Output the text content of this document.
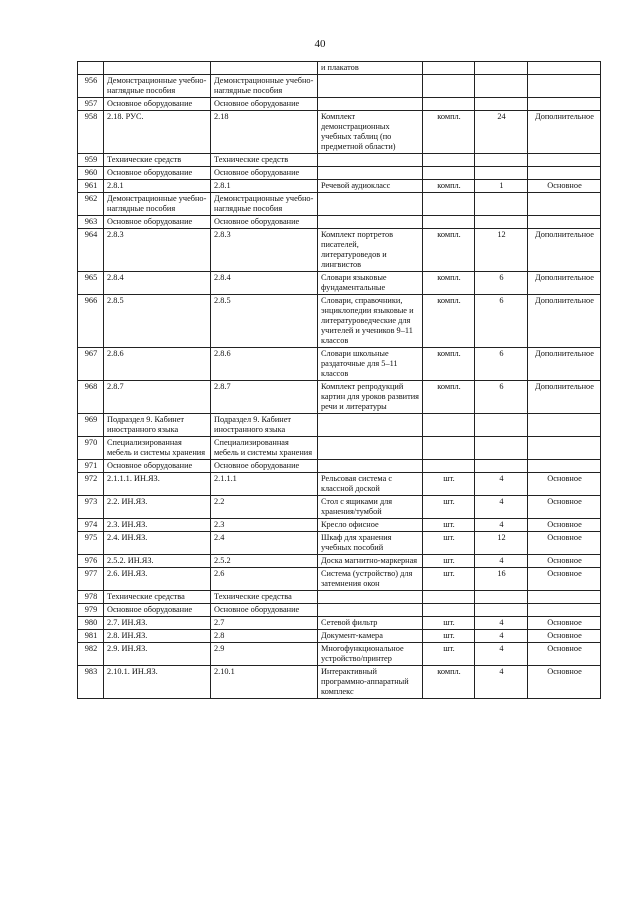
40
			и плакатов			
956	Демонстрационные учебно-наглядные пособия	Демонстрационные учебно-наглядные пособия				
957	Основное оборудование	Основное оборудование				
958	2.18. РУС.	2.18	Комплект демонстрационных учебных таблиц (по предметной области)	компл.	24	Дополнительное
959	Технические средств	Технические средств				
960	Основное оборудование	Основное оборудование				
961	2.8.1	2.8.1	Речевой аудиокласс	компл.	1	Основное
962	Демонстрационные учебно-наглядные пособия	Демонстрационные учебно-наглядные пособия				
963	Основное оборудование	Основное оборудование				
964	2.8.3	2.8.3	Комплект портретов писателей, литературоведов и лингвистов	компл.	12	Дополнительное
965	2.8.4	2.8.4	Словари языковые фундаментальные	компл.	6	Дополнительное
966	2.8.5	2.8.5	Словари, справочники, энциклопедии языковые и литературоведческие для учителей и учеников 9–11 классов	компл.	6	Дополнительное
967	2.8.6	2.8.6	Словари школьные раздаточные для 5–11 классов	компл.	6	Дополнительное
968	2.8.7	2.8.7	Комплект репродукций картин для уроков развития речи и литературы	компл.	6	Дополнительное
969	Подраздел 9. Кабинет иностранного языка	Подраздел 9. Кабинет иностранного языка				
970	Специализированная мебель и системы хранения	Специализированная мебель и системы хранения				
971	Основное оборудование	Основное оборудование				
972	2.1.1.1. ИН.ЯЗ.	2.1.1.1	Рельсовая система с классной доской	шт.	4	Основное
973	2.2. ИН.ЯЗ.	2.2	Стол с ящиками для хранения/тумбой	шт.	4	Основное
974	2.3. ИН.ЯЗ.	2.3	Кресло офисное	шт.	4	Основное
975	2.4. ИН.ЯЗ.	2.4	Шкаф для хранения учебных пособий	шт.	12	Основное
976	2.5.2. ИН.ЯЗ.	2.5.2	Доска магнитно-маркерная	шт.	4	Основное
977	2.6. ИН.ЯЗ.	2.6	Система (устройство) для затемнения окон	шт.	16	Основное
978	Технические средства	Технические средства				
979	Основное оборудование	Основное оборудование				
980	2.7. ИН.ЯЗ.	2.7	Сетевой фильтр	шт.	4	Основное
981	2.8. ИН.ЯЗ.	2.8	Документ-камера	шт.	4	Основное
982	2.9. ИН.ЯЗ.	2.9	Многофункциональное устройство/принтер	шт.	4	Основное
983	2.10.1. ИН.ЯЗ.	2.10.1	Интерактивный программно-аппаратный комплекс	компл.	4	Основное
